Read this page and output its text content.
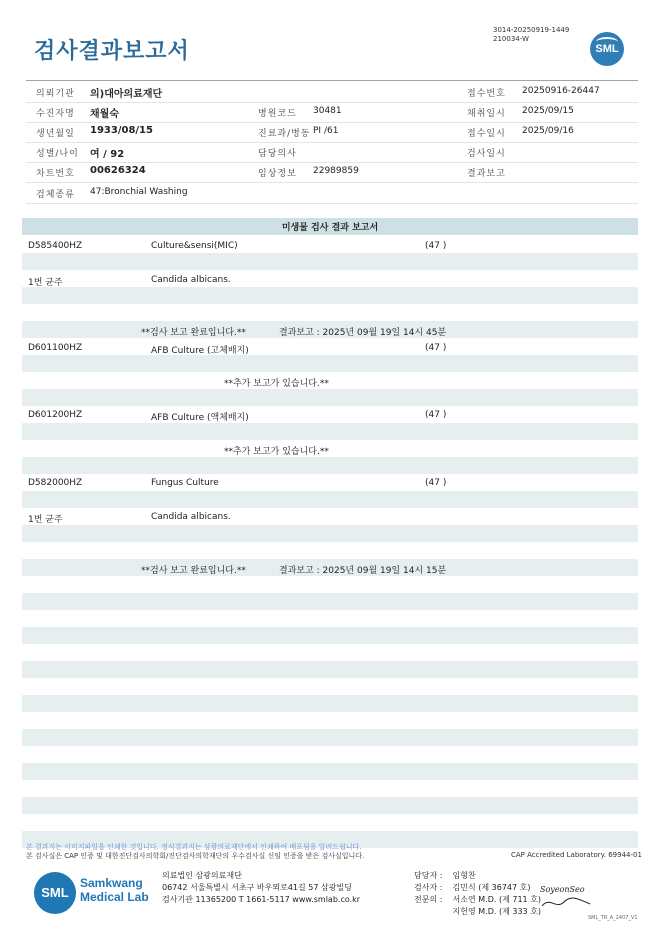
검사결과보고서
3014-20250919-1449
210034-W
SML
의뢰기관 의)대아의료재단	접수번호 20250916-26447
수진자명 채월숙	병원코드 30481	채취일시 2025/09/15
생년월일 1933/08/15	진료과/병동 PI /61	접수일시 2025/09/16
성별/나이 여 / 92	담당의사	검사일시
차트번호 00626324	임상정보 22989859	결과보고
검체종류 47:Bronchial Washing
미생물 검사 결과 보고서
D585400HZ	Culture&sensi(MIC)	(47 )
1번 균주	Candida albicans.
**검사 보고 완료입니다.**	결과보고 : 2025년 09월 19일 14시 45분
D601100HZ	AFB Culture (고체배지)	(47 )
**추가 보고가 있습니다.**
D601200HZ	AFB Culture (액체배지)	(47 )
**추가 보고가 있습니다.**
D582000HZ	Fungus Culture	(47 )
1번 균주	Candida albicans.
**검사 보고 완료입니다.**	결과보고 : 2025년 09월 19일 14시 15분
본 결과지는 이미지파일을 인쇄한 것입니다. 정식결과지는 삼광의료재단에서 인쇄하여 배포됨을 알려드립니다.
본 검사실은 CAP 인증 및 대한진단검사의학회/진단검사의학재단의 우수검사실 신임 인증을 받은 검사실입니다.	CAP Accredited Laboratory. 69944-01
SML
Samkwang
Medical Lab
의료법인 삼광의료재단
06742 서울특별시 서초구 바우뫼로41길 57 삼광빌딩
검사기관 11365200 T 1661-5117 www.smlab.co.kr
담당자 : 임형찬
검사자 : 김민식 (제 36747 호)
전문의 : 서소연 M.D. (제 711 호)
지헌영 M.D. (제 333 호)
SoyeonSeo
SML_TR_A_2407_V1
